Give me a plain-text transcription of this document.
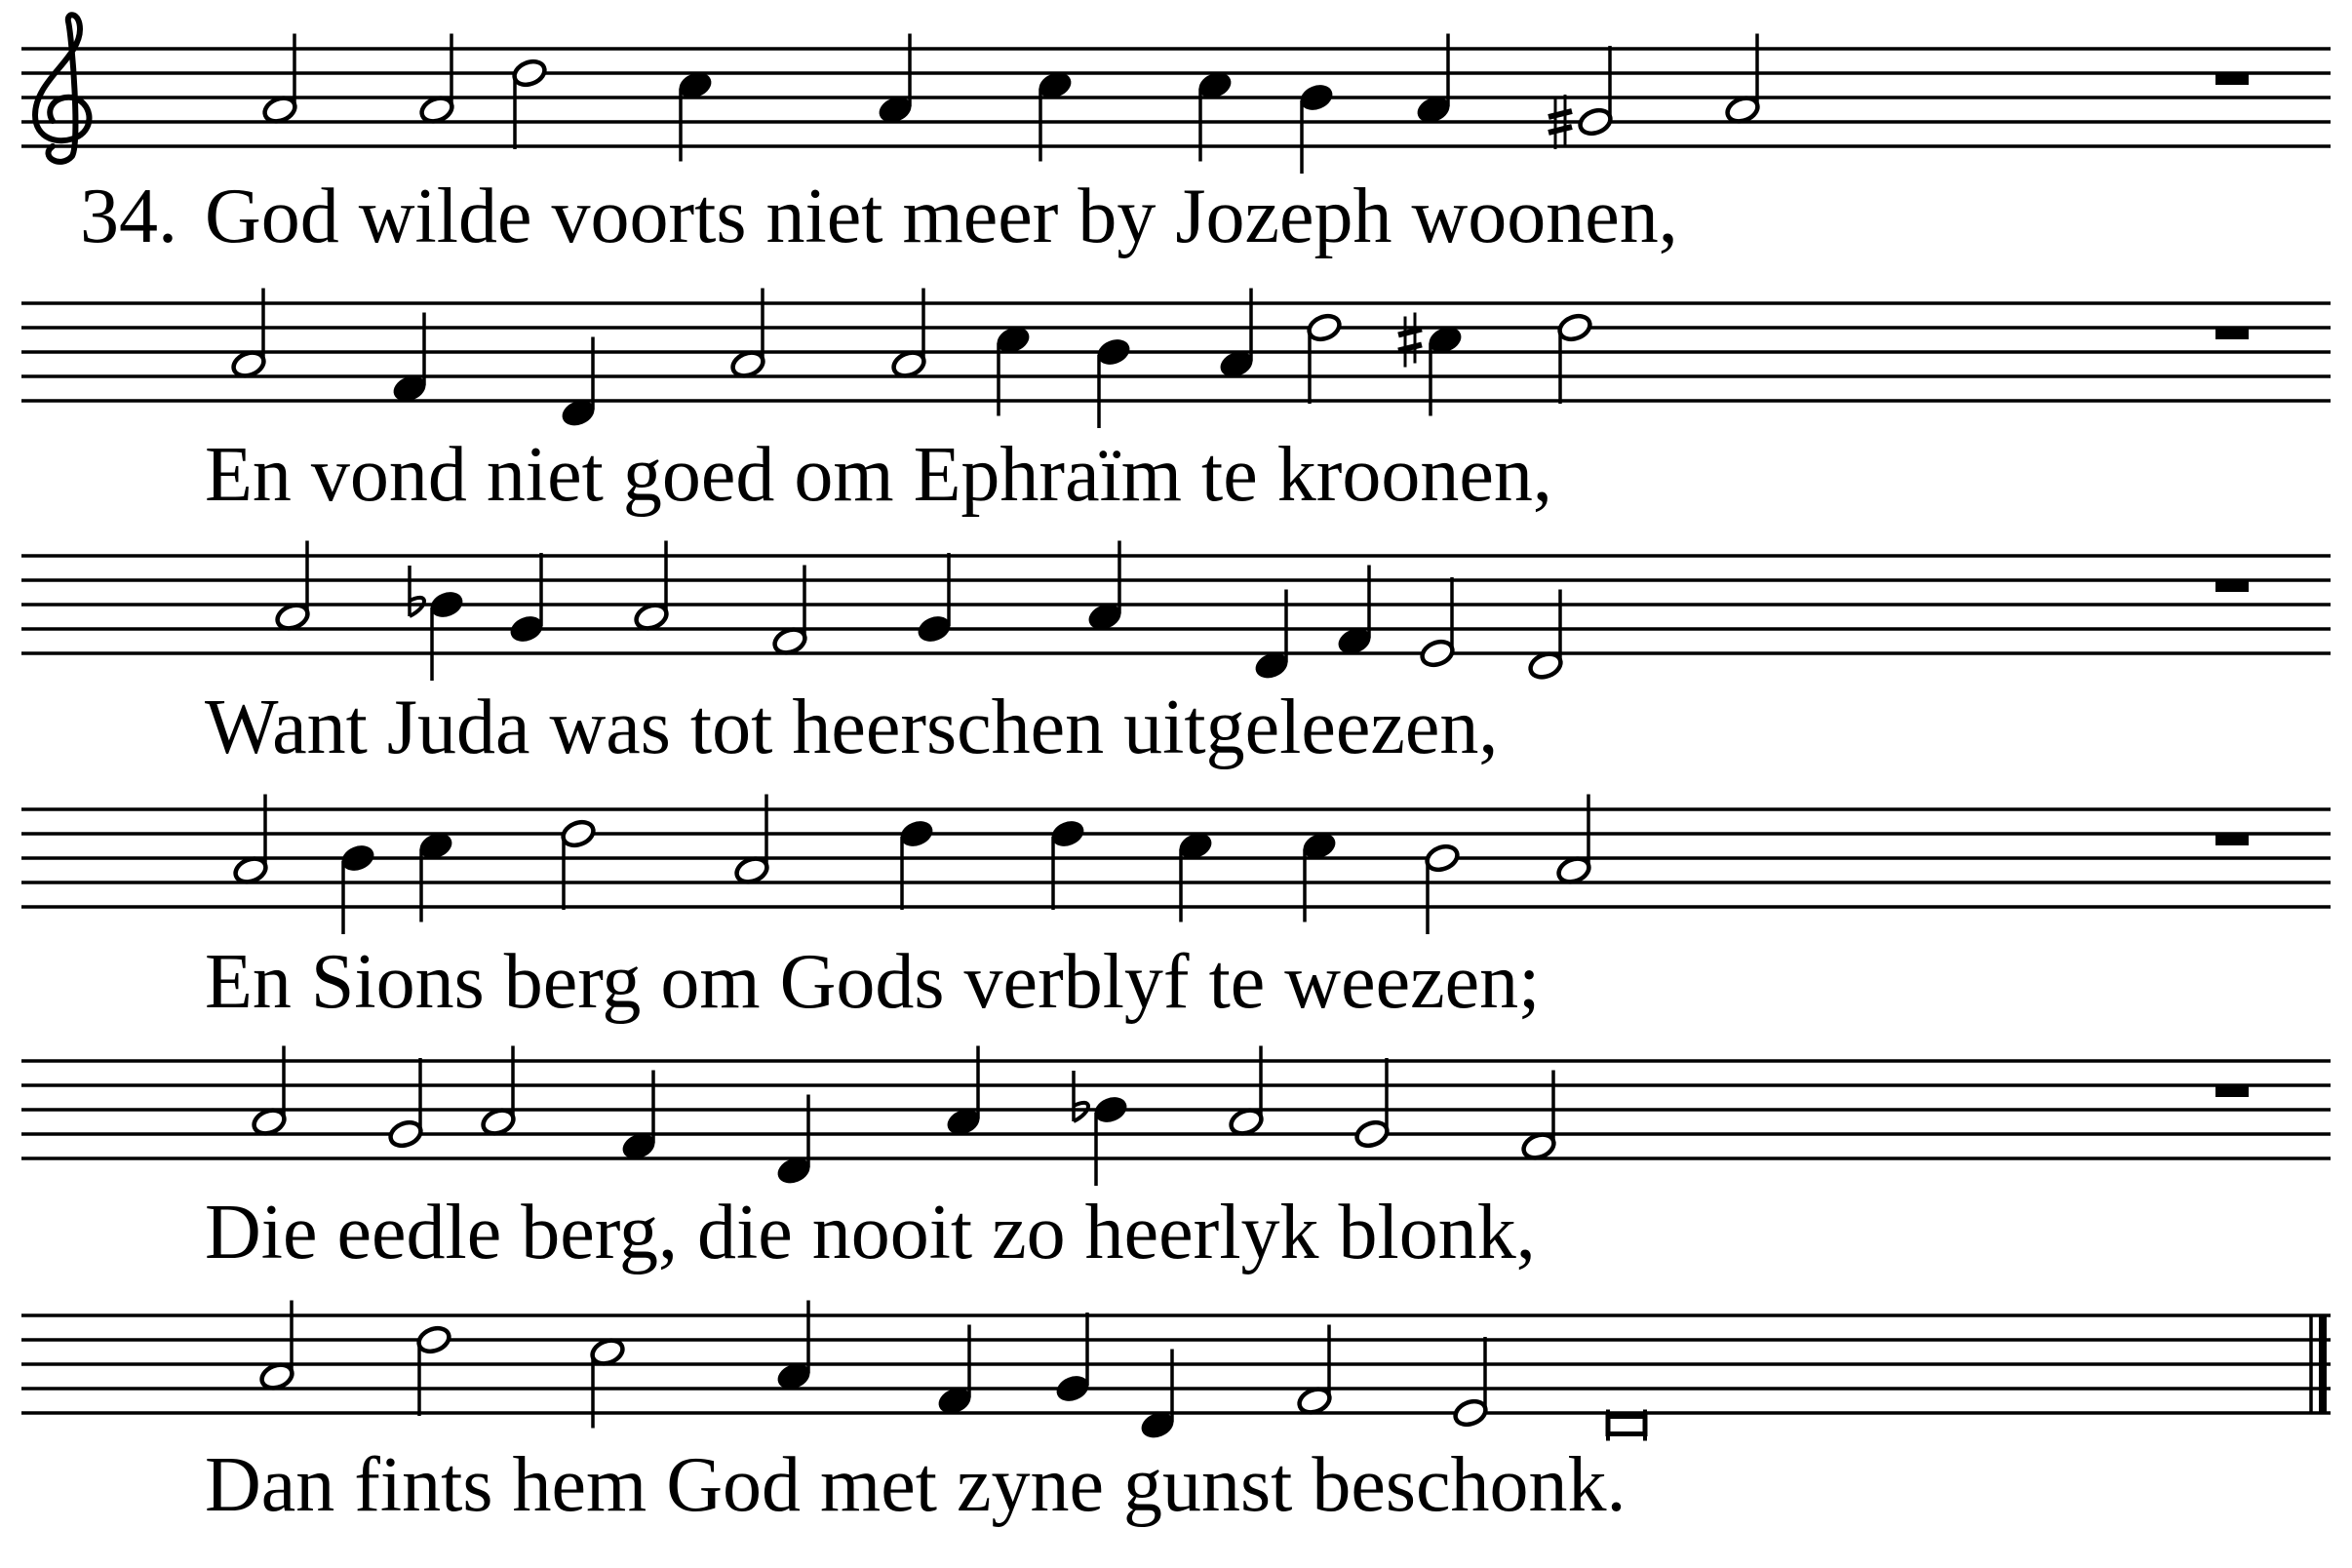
34. God wilde voorts niet meer by Jozeph woonen,
En vond niet goed om Ephraïm te kroonen,
Want Juda was tot heerschen uitgeleezen,
En Sions berg om Gods verblyf te weezen;
Die eedle berg, die nooit zo heerlyk blonk,
Dan fints hem God met zyne gunst beschonk.
